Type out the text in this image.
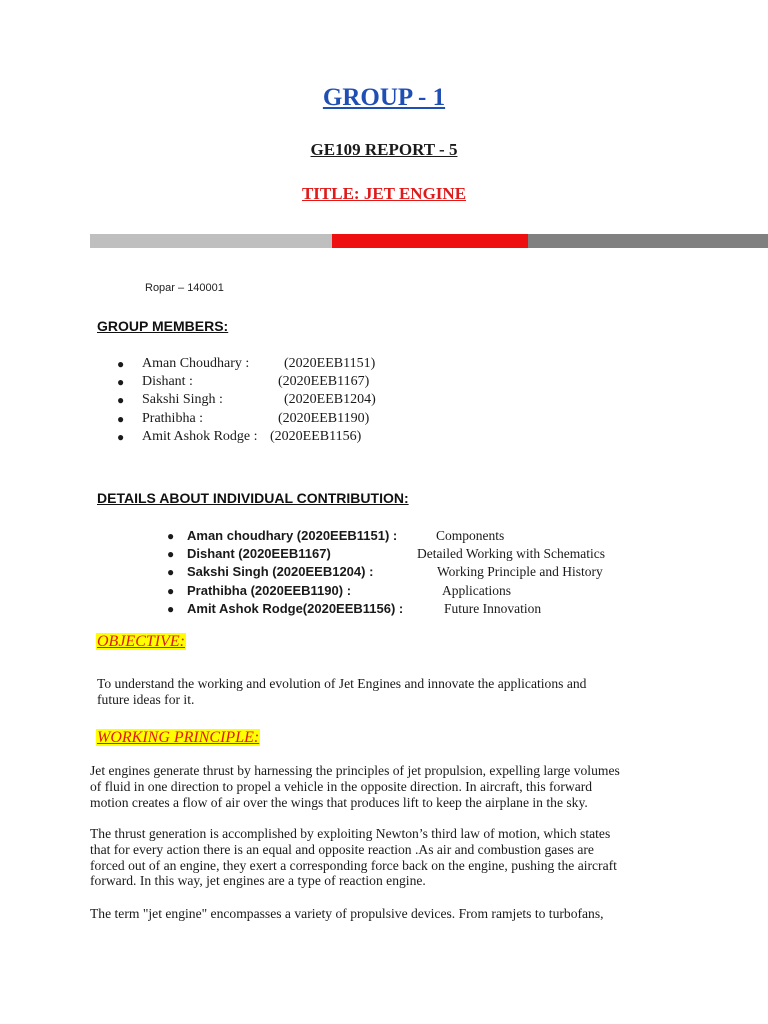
GROUP - 1
GE109 REPORT - 5
TITLE: JET ENGINE
Ropar – 140001
GROUP MEMBERS:
● Aman Choudhary : (2020EEB1151)
● Dishant :	(2020EEB1167)
● Sakshi Singh :	(2020EEB1204)
● Prathibha :	(2020EEB1190)
● Amit Ashok Rodge : (2020EEB1156)
DETAILS ABOUT INDIVIDUAL CONTRIBUTION:
● Aman choudhary (2020EEB1151) :	Components
● Dishant (2020EEB1167)	Detailed Working with Schematics
● Sakshi Singh (2020EEB1204) :	Working Principle and History
● Prathibha (2020EEB1190) :	Applications
● Amit Ashok Rodge(2020EEB1156) :	Future Innovation
OBJECTIVE:
To understand the working and evolution of Jet Engines and innovate the applications and
future ideas for it.
WORKING PRINCIPLE:
Jet engines generate thrust by harnessing the principles of jet propulsion, expelling large volumes
of fluid in one direction to propel a vehicle in the opposite direction. In aircraft, this forward
motion creates a flow of air over the wings that produces lift to keep the airplane in the sky.
The thrust generation is accomplished by exploiting Newton’s third law of motion, which states
that for every action there is an equal and opposite reaction .As air and combustion gases are
forced out of an engine, they exert a corresponding force back on the engine, pushing the aircraft
forward. In this way, jet engines are a type of reaction engine.
The term "jet engine" encompasses a variety of propulsive devices. From ramjets to turbofans,
